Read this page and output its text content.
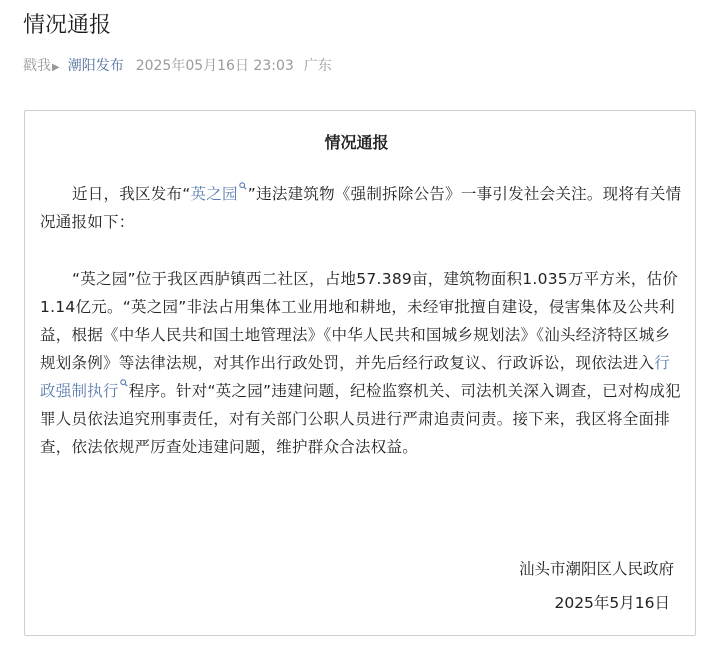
情况通报
戳我▶ 潮阳发布 2025年05月16日 23:03 广东
情况通报

近日，我区发布“英之园 ”违法建筑物《强制拆除公告》一事引发社会关注。现将有关情况通报如下：

“英之园”位于我区西胪镇西二社区，占地57.389亩，建筑物面积1.035万平方米，估价1.14亿元。“英之园”非法占用集体工业用地和耕地，未经审批擅自建设，侵害集体及公共利益，根据《中华人民共和国土地管理法》《中华人民共和国城乡规划法》《汕头经济特区城乡规划条例》等法律法规，对其作出行政处罚，并先后经行政复议、行政诉讼，现依法进入行政强制执行 程序。针对“英之园”违建问题，纪检监察机关、司法机关深入调查，已对构成犯罪人员依法追究刑事责任，对有关部门公职人员进行严肃追责问责。接下来，我区将全面排查，依法依规严厉查处违建问题，维护群众合法权益。

汕头市潮阳区人民政府
2025年5月16日
